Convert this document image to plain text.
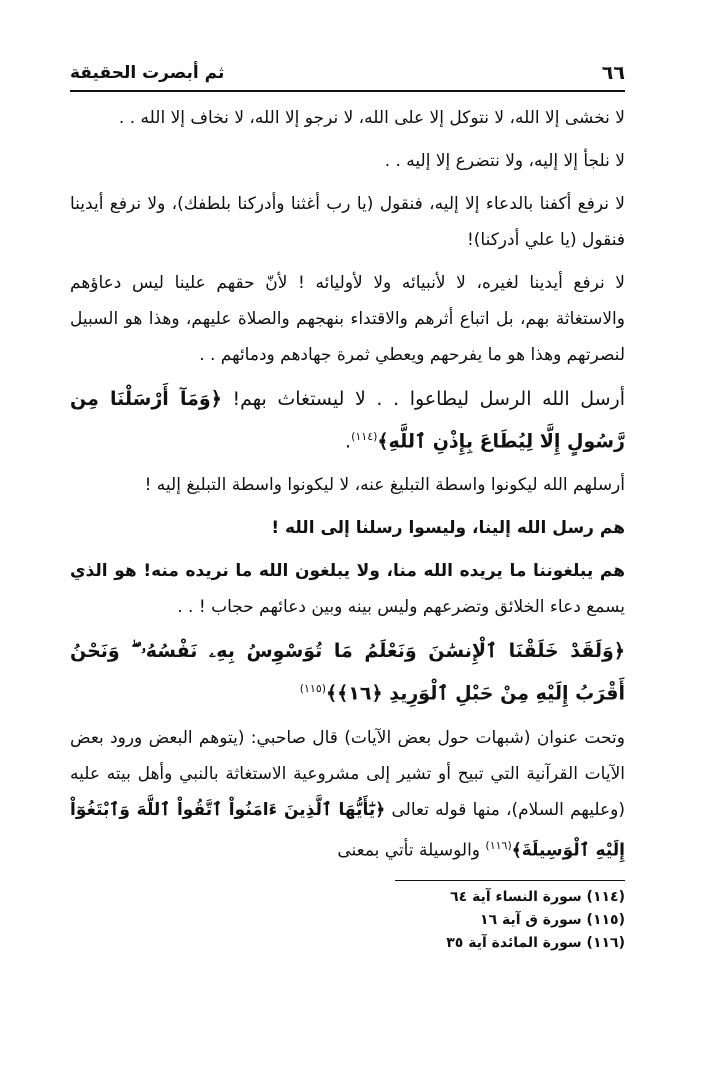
٦٦
ثم أبصرت الحقيقة

لا نخشى إلا الله، لا نتوكل إلا على الله، لا نرجو إلا الله، لا نخاف إلا الله . .

لا نلجأ إلا إليه، ولا نتضرع إلا إليه . .

لا نرفع أكفنا بالدعاء إلا إليه، فنقول (يا رب أغثنا وأدركنا بلطفك)، ولا نرفع أيدينا فنقول (يا علي أدركنا)!

لا نرفع أيدينا لغيره، لا لأنبيائه ولا لأوليائه ! لأنّ حقهم علينا ليس دعاؤهم والاستغاثة بهم، بل اتباع أثرهم والاقتداء بنهجهم والصلاة عليهم، وهذا هو السبيل لنصرتهم وهذا هو ما يفرحهم ويعطي ثمرة جهادهم ودمائهم . .

أرسل الله الرسل ليطاعوا . . لا ليستغاث بهم! ﴿وَمَآ أَرْسَلْنَا مِن رَّسُولٍ إِلَّا لِيُطَاعَ بِإِذْنِ ٱللَّهِ﴾$^{(١١٤)}$.

أرسلهم الله ليكونوا واسطة التبليغ عنه، لا ليكونوا واسطة التبليغ إليه !

هم رسل الله إلينا، وليسوا رسلنا إلى الله !

هم يبلغوننا ما يريده الله منا، ولا يبلغون الله ما نريده منه! هو الذي يسمع دعاء الخلائق وتضرعهم وليس بينه وبين دعائهم حجاب ! . .

﴿وَلَقَدْ خَلَقْنَا ٱلْإِنسَٰنَ وَنَعْلَمُ مَا تُوَسْوِسُ بِهِۦ نَفْسُهُۥ ۖ وَنَحْنُ أَقْرَبُ إِلَيْهِ مِنْ حَبْلِ ٱلْوَرِيدِ ﴿١٦﴾﴾$^{(١١٥)}$

وتحت عنوان (شبهات حول بعض الآيات) قال صاحبي: (يتوهم البعض ورود بعض الآيات القرآنية التي تبيح أو تشير إلى مشروعية الاستغاثة بالنبي وأهل بيته عليه (وعليهم السلام)، منها قوله تعالى ﴿يَٰٓأَيُّهَا ٱلَّذِينَ ءَامَنُواْ ٱتَّقُواْ ٱللَّهَ وَٱبْتَغُوٓاْ إِلَيْهِ ٱلْوَسِيلَةَ﴾$^{(١١٦)}$ والوسيلة تأتي بمعنى

(١١٤) سورة النساء آية ٦٤
(١١٥) سورة ق آية ١٦
(١١٦) سورة المائدة آية ٣٥
